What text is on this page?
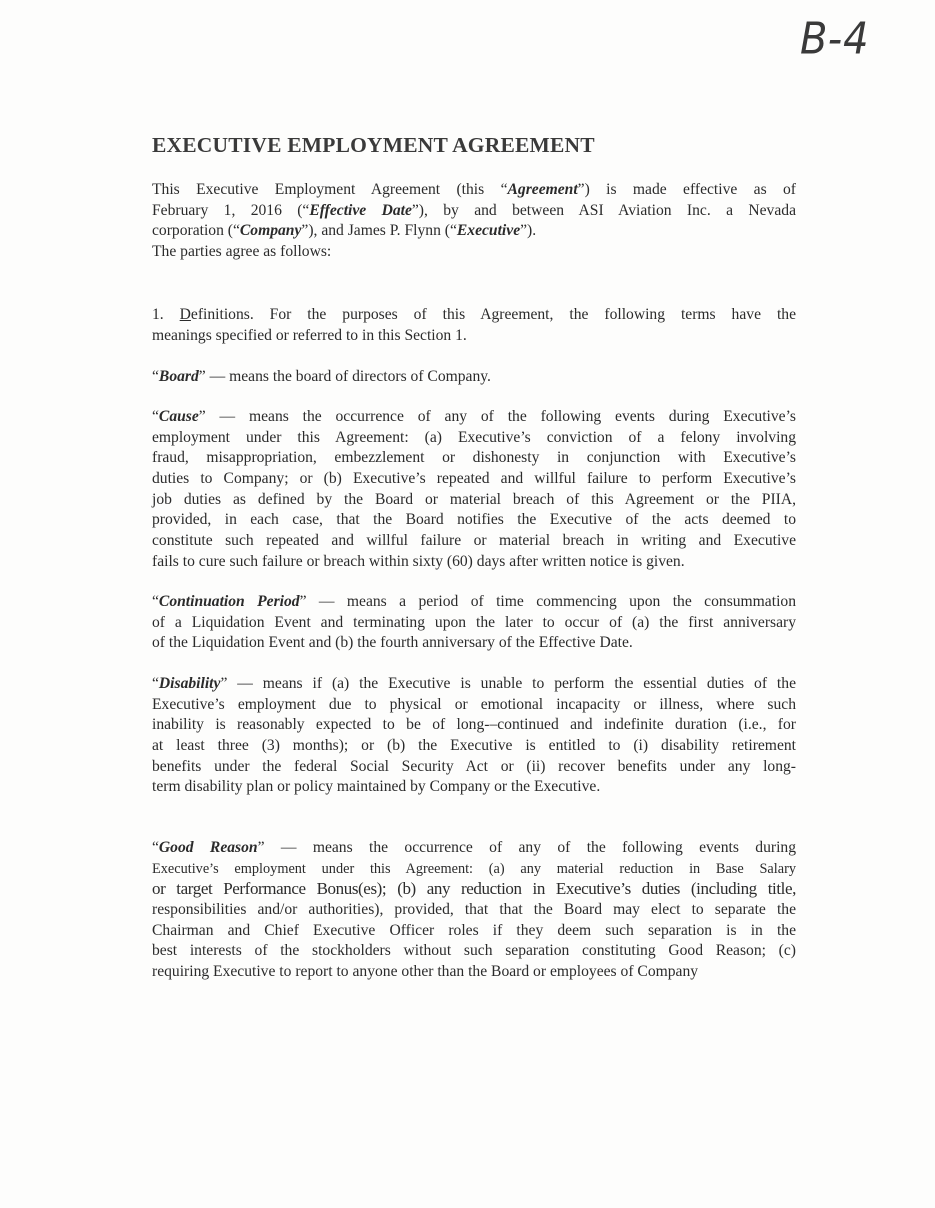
B-4
EXECUTIVE EMPLOYMENT AGREEMENT
This Executive Employment Agreement (this “Agreement”) is made effective as of
February 1, 2016 (“Effective Date”), by and between ASI Aviation Inc. a Nevada
corporation (“Company”), and James P. Flynn (“Executive”).
The parties agree as follows:
1. Definitions. For the purposes of this Agreement, the following terms have the
meanings specified or referred to in this Section 1.
“Board” — means the board of directors of Company.
“Cause” — means the occurrence of any of the following events during Executive’s
employment under this Agreement: (a) Executive’s conviction of a felony involving
fraud, misappropriation, embezzlement or dishonesty in conjunction with Executive’s
duties to Company; or (b) Executive’s repeated and willful failure to perform Executive’s
job duties as defined by the Board or material breach of this Agreement or the PIIA,
provided, in each case, that the Board notifies the Executive of the acts deemed to
constitute such repeated and willful failure or material breach in writing and Executive
fails to cure such failure or breach within sixty (60) days after written notice is given.
“Continuation Period” — means a period of time commencing upon the consummation
of a Liquidation Event and terminating upon the later to occur of (a) the first anniversary
of the Liquidation Event and (b) the fourth anniversary of the Effective Date.
“Disability” — means if (a) the Executive is unable to perform the essential duties of the
Executive’s employment due to physical or emotional incapacity or illness, where such
inability is reasonably expected to be of long-–continued and indefinite duration (i.e., for
at least three (3) months); or (b) the Executive is entitled to (i) disability retirement
benefits under the federal Social Security Act or (ii) recover benefits under any long-
term disability plan or policy maintained by Company or the Executive.
“Good Reason” — means the occurrence of any of the following events during
Executive’s employment under this Agreement: (a) any material reduction in Base Salary
or target Performance Bonus(es); (b) any reduction in Executive’s duties (including title,
responsibilities and/or authorities), provided, that that the Board may elect to separate the
Chairman and Chief Executive Officer roles if they deem such separation is in the
best interests of the stockholders without such separation constituting Good Reason; (c)
requiring Executive to report to anyone other than the Board or employees of Company
